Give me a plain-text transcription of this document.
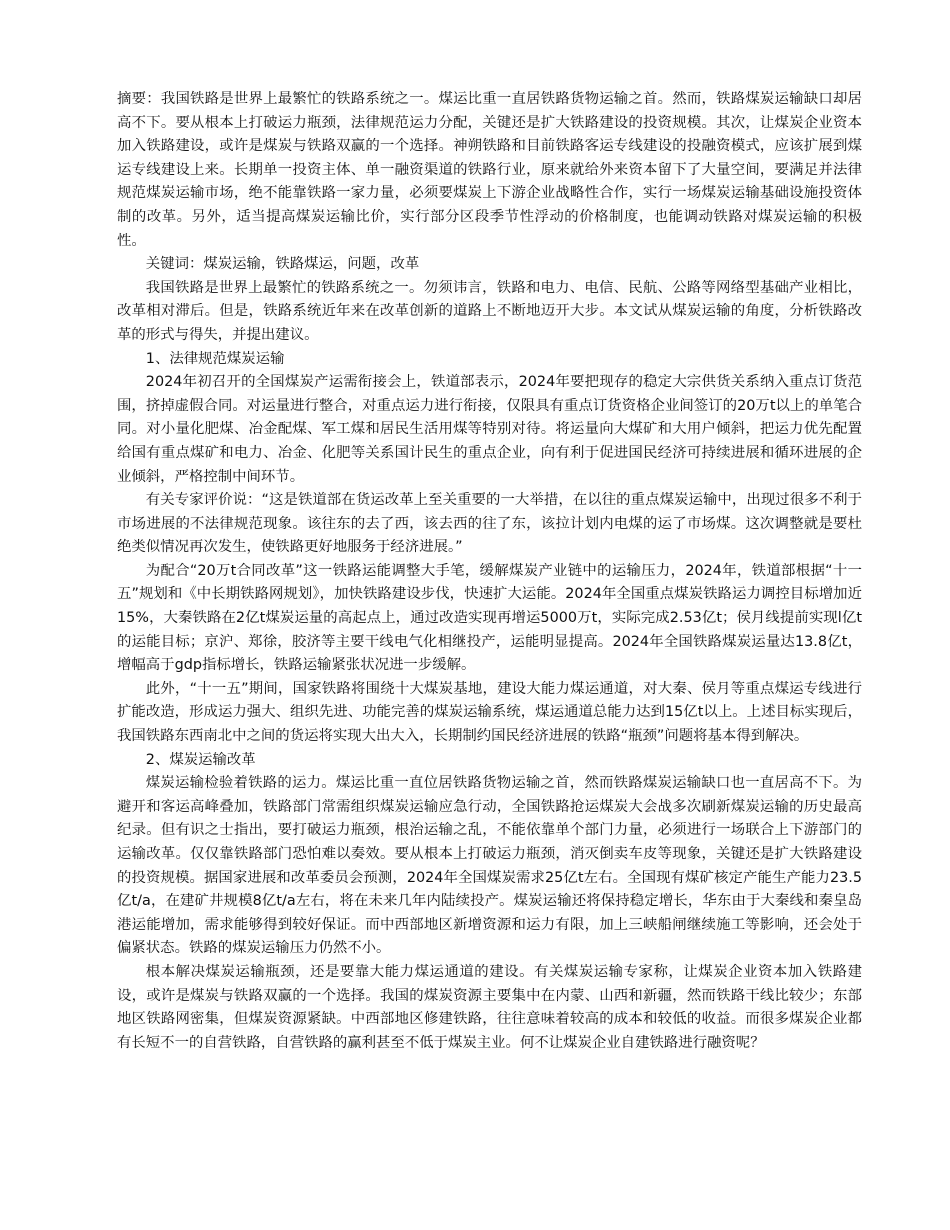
摘要：我国铁路是世界上最繁忙的铁路系统之一。煤运比重一直居铁路货物运输之首。然而，铁路煤炭运输缺口却居高不下。要从根本上打破运力瓶颈，法律规范运力分配，关键还是扩大铁路建设的投资规模。其次，让煤炭企业资本加入铁路建设，或许是煤炭与铁路双赢的一个选择。神朔铁路和目前铁路客运专线建设的投融资模式，应该扩展到煤运专线建设上来。长期单一投资主体、单一融资渠道的铁路行业，原来就给外来资本留下了大量空间，要满足并法律规范煤炭运输市场，绝不能靠铁路一家力量，必须要煤炭上下游企业战略性合作，实行一场煤炭运输基础设施投资体制的改革。另外，适当提高煤炭运输比价，实行部分区段季节性浮动的价格制度，也能调动铁路对煤炭运输的积极性。

关键词：煤炭运输，铁路煤运，问题，改革

我国铁路是世界上最繁忙的铁路系统之一。勿须讳言，铁路和电力、电信、民航、公路等网络型基础产业相比，改革相对滞后。但是，铁路系统近年来在改革创新的道路上不断地迈开大步。本文试从煤炭运输的角度，分析铁路改革的形式与得失，并提出建议。

1、法律规范煤炭运输

2024年初召开的全国煤炭产运需衔接会上，铁道部表示，2024年要把现存的稳定大宗供货关系纳入重点订货范围，挤掉虚假合同。对运量进行整合，对重点运力进行衔接，仅限具有重点订货资格企业间签订的20万t以上的单笔合同。对小量化肥煤、冶金配煤、军工煤和居民生活用煤等特别对待。将运量向大煤矿和大用户倾斜，把运力优先配置给国有重点煤矿和电力、冶金、化肥等关系国计民生的重点企业，向有利于促进国民经济可持续进展和循环进展的企业倾斜，严格控制中间环节。

有关专家评价说：“这是铁道部在货运改革上至关重要的一大举措，在以往的重点煤炭运输中，出现过很多不利于市场进展的不法律规范现象。该往东的去了西，该去西的往了东，该拉计划内电煤的运了市场煤。这次调整就是要杜绝类似情况再次发生，使铁路更好地服务于经济进展。”

为配合“20万t合同改革”这一铁路运能调整大手笔，缓解煤炭产业链中的运输压力，2024年，铁道部根据“十一五”规划和《中长期铁路网规划》，加快铁路建设步伐，快速扩大运能。2024年全国重点煤炭铁路运力调控目标增加近15%，大秦铁路在2亿t煤炭运量的高起点上，通过改造实现再增运5000万t，实际完成2.53亿t；侯月线提前实现l亿t的运能目标；京沪、郑徐，胶济等主要干线电气化相继投产，运能明显提高。2024年全国铁路煤炭运量达13.8亿t，增幅高于gdp指标增长，铁路运输紧张状况进一步缓解。

此外，“十一五”期间，国家铁路将围绕十大煤炭基地，建设大能力煤运通道，对大秦、侯月等重点煤运专线进行扩能改造，形成运力强大、组织先进、功能完善的煤炭运输系统，煤运通道总能力达到15亿t以上。上述目标实现后，我国铁路东西南北中之间的货运将实现大出大入，长期制约国民经济进展的铁路“瓶颈”问题将基本得到解决。

2、煤炭运输改革

煤炭运输检验着铁路的运力。煤运比重一直位居铁路货物运输之首，然而铁路煤炭运输缺口也一直居高不下。为避开和客运高峰叠加，铁路部门常需组织煤炭运输应急行动，全国铁路抢运煤炭大会战多次刷新煤炭运输的历史最高纪录。但有识之士指出，要打破运力瓶颈，根治运输之乱，不能依靠单个部门力量，必须进行一场联合上下游部门的运输改革。仅仅靠铁路部门恐怕难以奏效。要从根本上打破运力瓶颈，消灭倒卖车皮等现象，关键还是扩大铁路建设的投资规模。据国家进展和改革委员会预测，2024年全国煤炭需求25亿t左右。全国现有煤矿核定产能生产能力23.5亿t/a，在建矿井规模8亿t/a左右，将在未来几年内陆续投产。煤炭运输还将保持稳定增长，华东由于大秦线和秦皇岛港运能增加，需求能够得到较好保证。而中西部地区新增资源和运力有限，加上三峡船闸继续施工等影响，还会处于偏紧状态。铁路的煤炭运输压力仍然不小。

根本解决煤炭运输瓶颈，还是要靠大能力煤运通道的建设。有关煤炭运输专家称，让煤炭企业资本加入铁路建设，或许是煤炭与铁路双赢的一个选择。我国的煤炭资源主要集中在内蒙、山西和新疆，然而铁路干线比较少；东部地区铁路网密集，但煤炭资源紧缺。中西部地区修建铁路，往往意味着较高的成本和较低的收益。而很多煤炭企业都有长短不一的自营铁路，自营铁路的赢利甚至不低于煤炭主业。何不让煤炭企业自建铁路进行融资呢？
